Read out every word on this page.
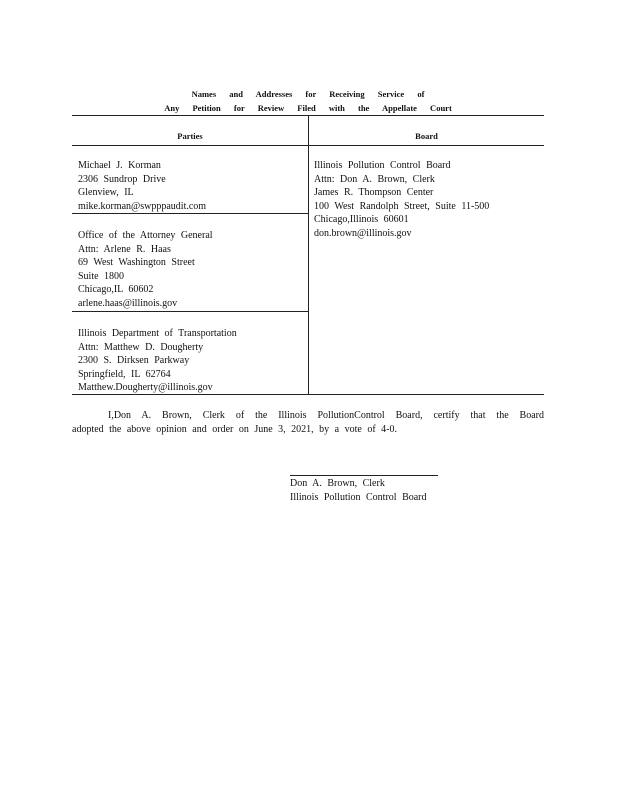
Names and Addresses for Receiving Service of
Any Petition for Review Filed with the Appellate Court
Parties	Board
Michael J. Korman
2306 Sundrop Drive
Glenview, IL
mike.korman@swpppaudit.com
Office of the Attorney General
Attn: Arlene R. Haas
69 West Washington Street
Suite 1800
Chicago,IL 60602
arlene.haas@illinois.gov
Illinois Department of Transportation
Attn: Matthew D. Dougherty
2300 S. Dirksen Parkway
Springfield, IL 62764
Matthew.Dougherty@illinois.gov
Illinois Pollution Control Board
Attn: Don A. Brown, Clerk
James R. Thompson Center
100 West Randolph Street, Suite 11-500
Chicago,Illinois 60601
don.brown@illinois.gov
I,Don A. Brown, Clerk of the Illinois PollutionControl Board, certify that the Board
adopted the above opinion and order on June 3, 2021, by a vote of 4-0.
Don A. Brown, Clerk
Illinois Pollution Control Board
